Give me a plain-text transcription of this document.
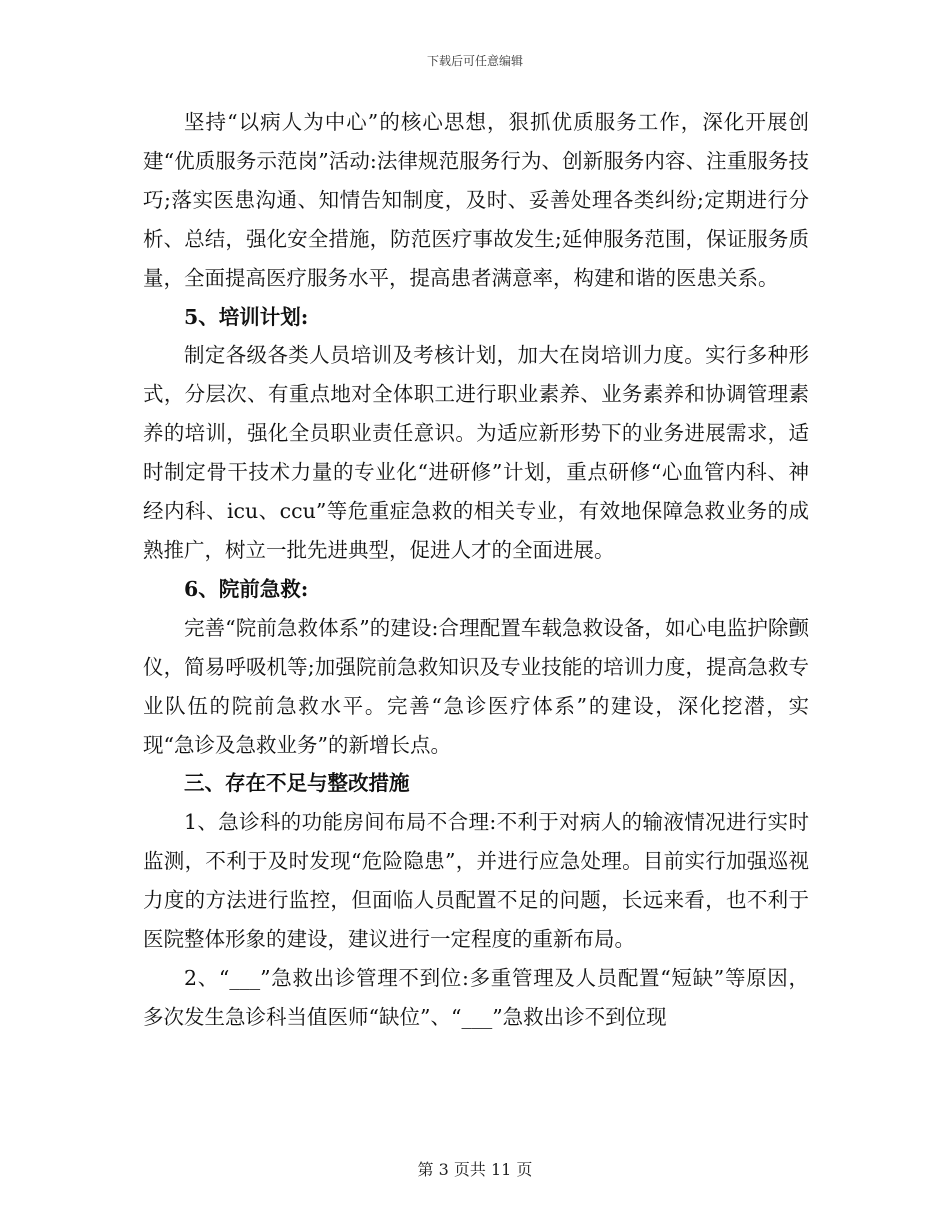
下载后可任意编辑

坚持“以病人为中心”的核心思想，狠抓优质服务工作，深化开展创建“优质服务示范岗”活动:法律规范服务行为、创新服务内容、注重服务技巧;落实医患沟通、知情告知制度，及时、妥善处理各类纠纷;定期进行分析、总结，强化安全措施，防范医疗事故发生;延伸服务范围，保证服务质量，全面提高医疗服务水平，提高患者满意率，构建和谐的医患关系。

5、培训计划:

制定各级各类人员培训及考核计划，加大在岗培训力度。实行多种形式，分层次、有重点地对全体职工进行职业素养、业务素养和协调管理素养的培训，强化全员职业责任意识。为适应新形势下的业务进展需求，适时制定骨干技术力量的专业化“进研修”计划，重点研修“心血管内科、神经内科、icu、ccu”等危重症急救的相关专业，有效地保障急救业务的成熟推广，树立一批先进典型，促进人才的全面进展。

6、院前急救:

完善“院前急救体系”的建设:合理配置车载急救设备，如心电监护除颤仪，简易呼吸机等;加强院前急救知识及专业技能的培训力度，提高急救专业队伍的院前急救水平。完善“急诊医疗体系”的建设，深化挖潜，实现“急诊及急救业务”的新增长点。

三、存在不足与整改措施

1、急诊科的功能房间布局不合理:不利于对病人的输液情况进行实时监测，不利于及时发现“危险隐患”，并进行应急处理。目前实行加强巡视力度的方法进行监控，但面临人员配置不足的问题，长远来看，也不利于医院整体形象的建设，建议进行一定程度的重新布局。

2、“___”急救出诊管理不到位:多重管理及人员配置“短缺”等原因，多次发生急诊科当值医师“缺位”、“___”急救出诊不到位现

第 3 页共 11 页
